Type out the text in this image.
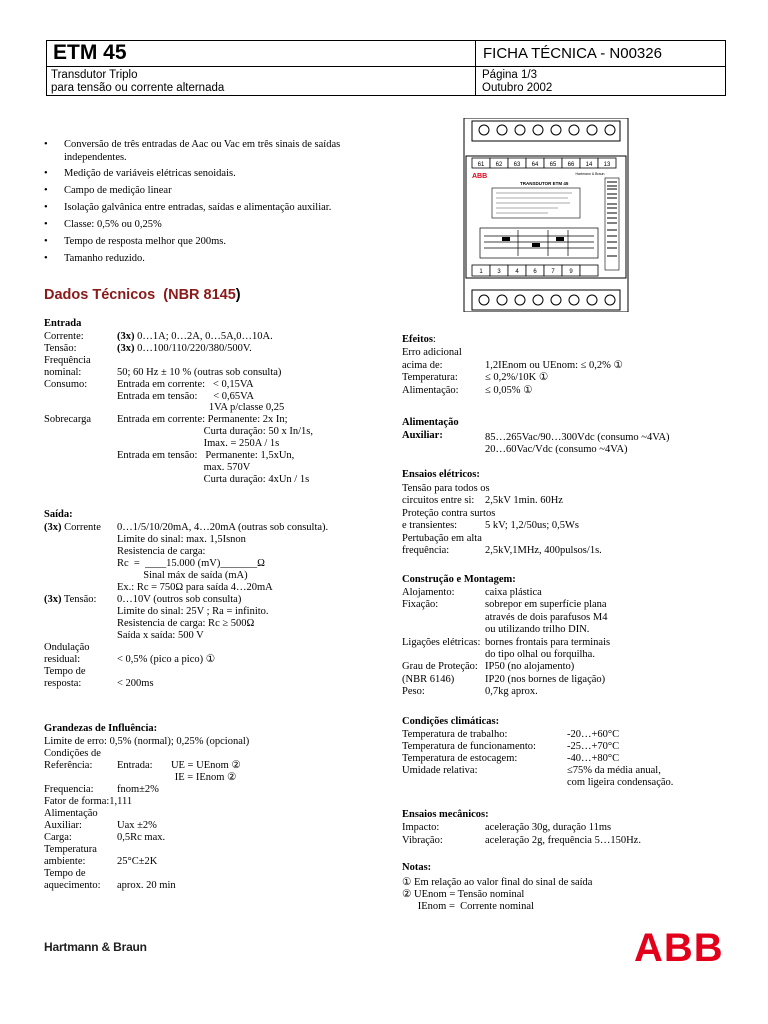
ETM 45	FICHA TÉCNICA - N00326
Transdutor Triplo
para tensão ou corrente alternada
Página 1/3
Outubro 2002
• Conversão de três entradas de Aac ou Vac em três sinais de saídas independentes.
• Medição de variáveis elétricas senoidais.
• Campo de medição linear
• Isolação galvânica entre entradas, saídas e alimentação auxiliar.
• Classe: 0,5% ou 0,25%
• Tempo de resposta melhor que 200ms.
• Tamanho reduzido.
61 62 63 64 65 66 14 13
ABB	Hartmann & Braun
TRANSDUTOR ETM 45
1 3 4 6 7 9
Dados Técnicos (NBR 8145)
Entrada
Corrente:	(3x) 0…1A; 0…2A, 0…5A,0…10A.
Tensão:	(3x) 0…100/110/220/380/500V.
Frequência
nominal:	50; 60 Hz ± 10 % (outras sob consulta)
Consumo:	Entrada em corrente:   < 0,15VA
Entrada em tensão:      < 0,65VA
1VA p/classe 0,25
Sobrecarga Entrada em corrente: Permanente: 2x In;
Curta duração: 50 x In/1s,
Imax. = 250A / 1s
Entrada em tensão:   Permanente: 1,5xUn,
max. 570V
Curta duração: 4xUn / 1s
Saída:
(3x) Corrente 0…1/5/10/20mA, 4…20mA (outras sob consulta).
Limite do sinal: max. 1,5Isnon
Resistencia de carga:
Rc  =  ____15.000 (mV)_______Ω
Sinal máx de saída (mA)
Ex.: Rc = 750Ω para saída 4…20mA
(3x) Tensão: 0…10V (outros sob consulta)
Limite do sinal: 25V ; Ra = infinito.
Resistencia de carga: Rc ≥ 500Ω
Saída x saída: 500 V
Ondulação
residual:	< 0,5% (pico a pico) ①
Tempo de
resposta:	< 200ms
Grandezas de Influência:
Limite de erro: 0,5% (normal); 0,25% (opcional)
Condições de
Referência: Entrada:       UE = UEnom ②
IE = IEnom ②
Frequencia: fnom±2%
Fator de forma:1,111
Alimentação
Auxiliar:	Uax ±2%
Carga:	0,5Rc max.
Temperatura
ambiente:	25°C±2K
Tempo de
aquecimento: aprox. 20 min
Efeitos:
Erro adicional
acima de:	1,2IEnom ou UEnom: ≤ 0,2% ①
Temperatura:	≤ 0,2%/10K ①
Alimentação:	≤ 0,05% ①
Alimentação
Auxiliar:	85…265Vac/90…300Vdc (consumo ~4VA)
20…60Vac/Vdc (consumo ~4VA)
Ensaios elétricos:
Tensão para todos os
circuitos entre si: 2,5kV 1min. 60Hz
Proteção contra surtos
e transientes:	5 kV; 1,2/50us; 0,5Ws
Pertubação em alta
frequência:	2,5kV,1MHz, 400pulsos/1s.
Construção e Montagem:
Alojamento:	caixa plástica
Fixação:	sobrepor em superfície plana
através de dois parafusos M4
ou utilizando trilho DIN.
Ligações elétricas: bornes frontais para terminais
do tipo olhal ou forquilha.
Grau de Proteção: IP50 (no alojamento)
(NBR 6146)	IP20 (nos bornes de ligação)
Peso:	0,7kg aprox.
Condições climáticas:
Temperatura de trabalho:	-20…+60°C
Temperatura de funcionamento:	-25…+70°C
Temperatura de estocagem:	-40…+80°C
Umidade relativa:	≤75% da média anual,
com ligeira condensação.
Ensaios mecânicos:
Impacto:	aceleração 30g, duração 11ms
Vibração:	aceleração 2g, frequência 5…150Hz.
Notas:
① Em relação ao valor final do sinal de saída
② UEnom = Tensão nominal
IEnom =  Corrente nominal
Hartmann & Braun	ABB
